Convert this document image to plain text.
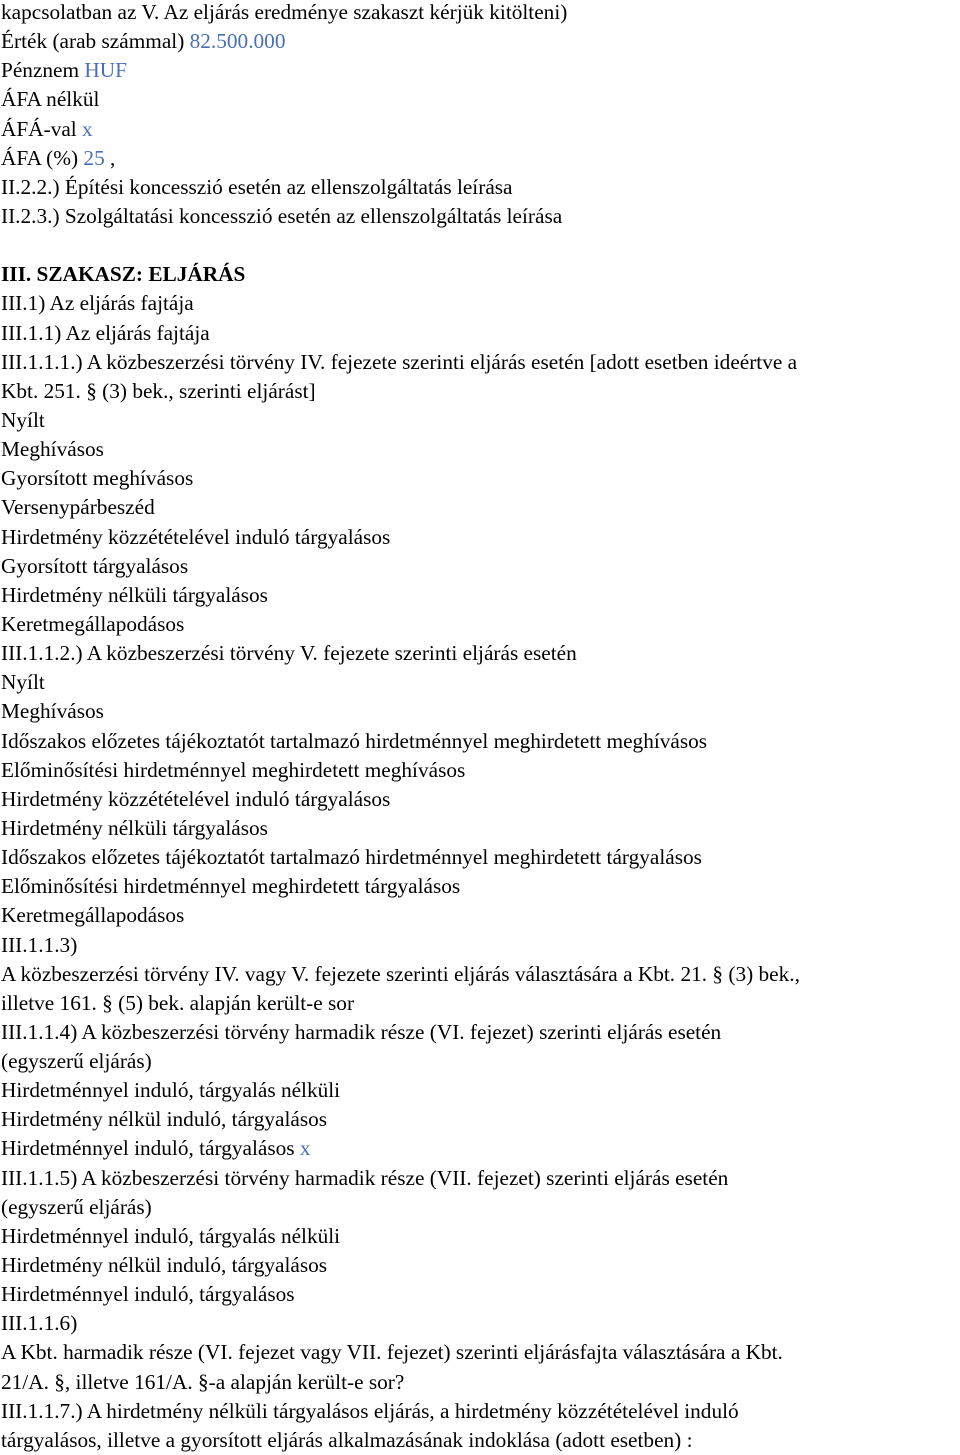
kapcsolatban az V. Az eljárás eredménye szakaszt kérjük kitölteni)
Érték (arab számmal) 82.500.000
Pénznem HUF
ÁFA nélkül
ÁFÁ-val x
ÁFA (%) 25 ,
II.2.2.) Építési koncesszió esetén az ellenszolgáltatás leírása
II.2.3.) Szolgáltatási koncesszió esetén az ellenszolgáltatás leírása
III. SZAKASZ: ELJÁRÁS
III.1) Az eljárás fajtája
III.1.1) Az eljárás fajtája
III.1.1.1.) A közbeszerzési törvény IV. fejezete szerinti eljárás esetén [adott esetben ideértve a
Kbt. 251. § (3) bek., szerinti eljárást]
Nyílt
Meghívásos
Gyorsított meghívásos
Versenypárbeszéd
Hirdetmény közzétételével induló tárgyalásos
Gyorsított tárgyalásos
Hirdetmény nélküli tárgyalásos
Keretmegállapodásos
III.1.1.2.) A közbeszerzési törvény V. fejezete szerinti eljárás esetén
Nyílt
Meghívásos
Időszakos előzetes tájékoztatót tartalmazó hirdetménnyel meghirdetett meghívásos
Előminősítési hirdetménnyel meghirdetett meghívásos
Hirdetmény közzétételével induló tárgyalásos
Hirdetmény nélküli tárgyalásos
Időszakos előzetes tájékoztatót tartalmazó hirdetménnyel meghirdetett tárgyalásos
Előminősítési hirdetménnyel meghirdetett tárgyalásos
Keretmegállapodásos
III.1.1.3)
A közbeszerzési törvény IV. vagy V. fejezete szerinti eljárás választására a Kbt. 21. § (3) bek.,
illetve 161. § (5) bek. alapján került-e sor
III.1.1.4) A közbeszerzési törvény harmadik része (VI. fejezet) szerinti eljárás esetén
(egyszerű eljárás)
Hirdetménnyel induló, tárgyalás nélküli
Hirdetmény nélkül induló, tárgyalásos
Hirdetménnyel induló, tárgyalásos x
III.1.1.5) A közbeszerzési törvény harmadik része (VII. fejezet) szerinti eljárás esetén
(egyszerű eljárás)
Hirdetménnyel induló, tárgyalás nélküli
Hirdetmény nélkül induló, tárgyalásos
Hirdetménnyel induló, tárgyalásos
III.1.1.6)
A Kbt. harmadik része (VI. fejezet vagy VII. fejezet) szerinti eljárásfajta választására a Kbt.
21/A. §, illetve 161/A. §-a alapján került-e sor?
III.1.1.7.) A hirdetmény nélküli tárgyalásos eljárás, a hirdetmény közzétételével induló
tárgyalásos, illetve a gyorsított eljárás alkalmazásának indoklása (adott esetben) :
